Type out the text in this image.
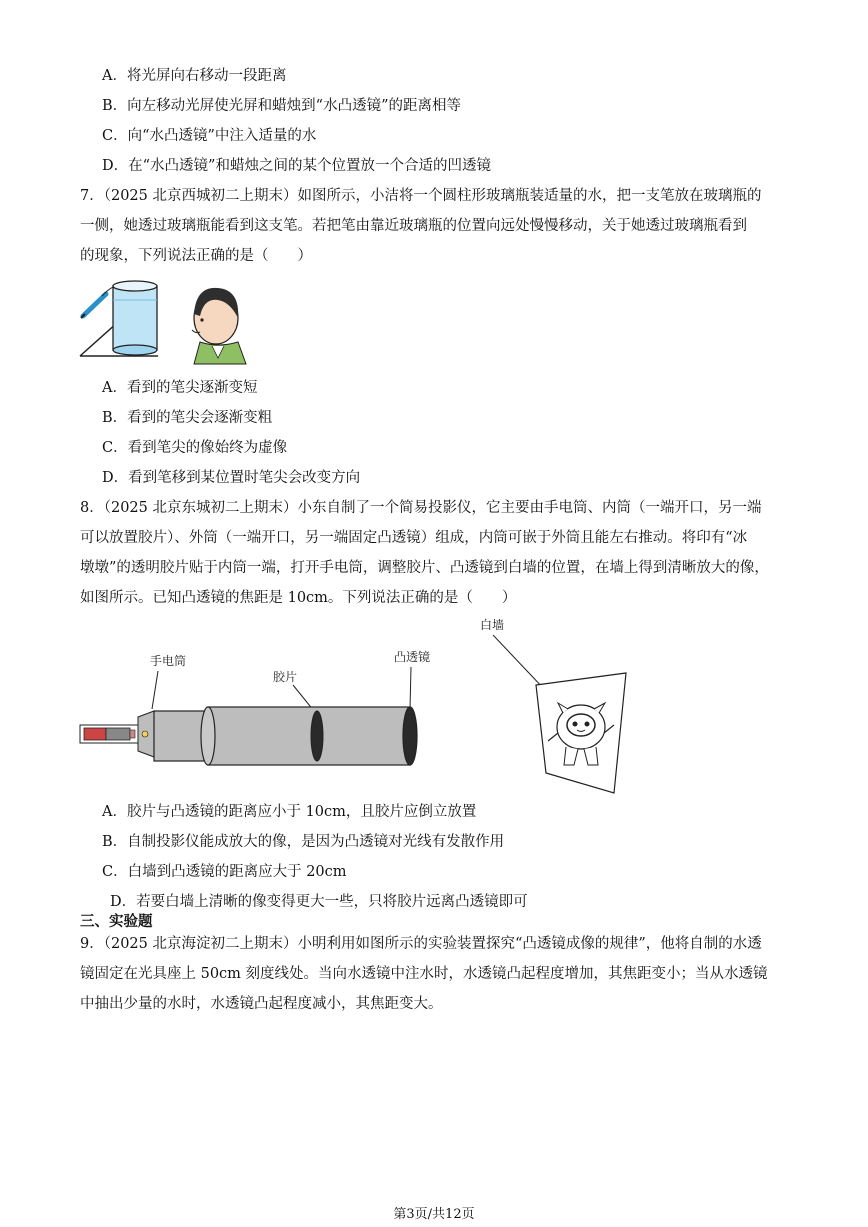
A．将光屏向右移动一段距离
B．向左移动光屏使光屏和蜡烛到“水凸透镜”的距离相等
C．向“水凸透镜”中注入适量的水
D．在“水凸透镜”和蜡烛之间的某个位置放一个合适的凹透镜
7．（2025 北京西城初二上期末）如图所示，小洁将一个圆柱形玻璃瓶装适量的水，把一支笔放在玻璃瓶的
一侧，她透过玻璃瓶能看到这支笔。若把笔由靠近玻璃瓶的位置向远处慢慢移动，关于她透过玻璃瓶看到
的现象，下列说法正确的是（　　）
A．看到的笔尖逐渐变短
B．看到的笔尖会逐渐变粗
C．看到笔尖的像始终为虚像
D．看到笔移到某位置时笔尖会改变方向
8．（2025 北京东城初二上期末）小东自制了一个简易投影仪，它主要由手电筒、内筒（一端开口，另一端
可以放置胶片）、外筒（一端开口，另一端固定凸透镜）组成，内筒可嵌于外筒且能左右推动。将印有“冰
墩墩”的透明胶片贴于内筒一端，打开手电筒，调整胶片、凸透镜到白墙的位置，在墙上得到清晰放大的像，
如图所示。已知凸透镜的焦距是 10cm。下列说法正确的是（　　）
手电筒
胶片
凸透镜
白墙
A．胶片与凸透镜的距离应小于 10cm，且胶片应倒立放置
B．自制投影仪能成放大的像，是因为凸透镜对光线有发散作用
C．白墙到凸透镜的距离应大于 20cm
D．若要白墙上清晰的像变得更大一些，只将胶片远离凸透镜即可
三、实验题
9．（2025 北京海淀初二上期末）小明利用如图所示的实验装置探究“凸透镜成像的规律”，他将自制的水透
镜固定在光具座上 50cm 刻度线处。当向水透镜中注水时，水透镜凸起程度增加，其焦距变小；当从水透镜
中抽出少量的水时，水透镜凸起程度减小，其焦距变大。
第3页/共12页
